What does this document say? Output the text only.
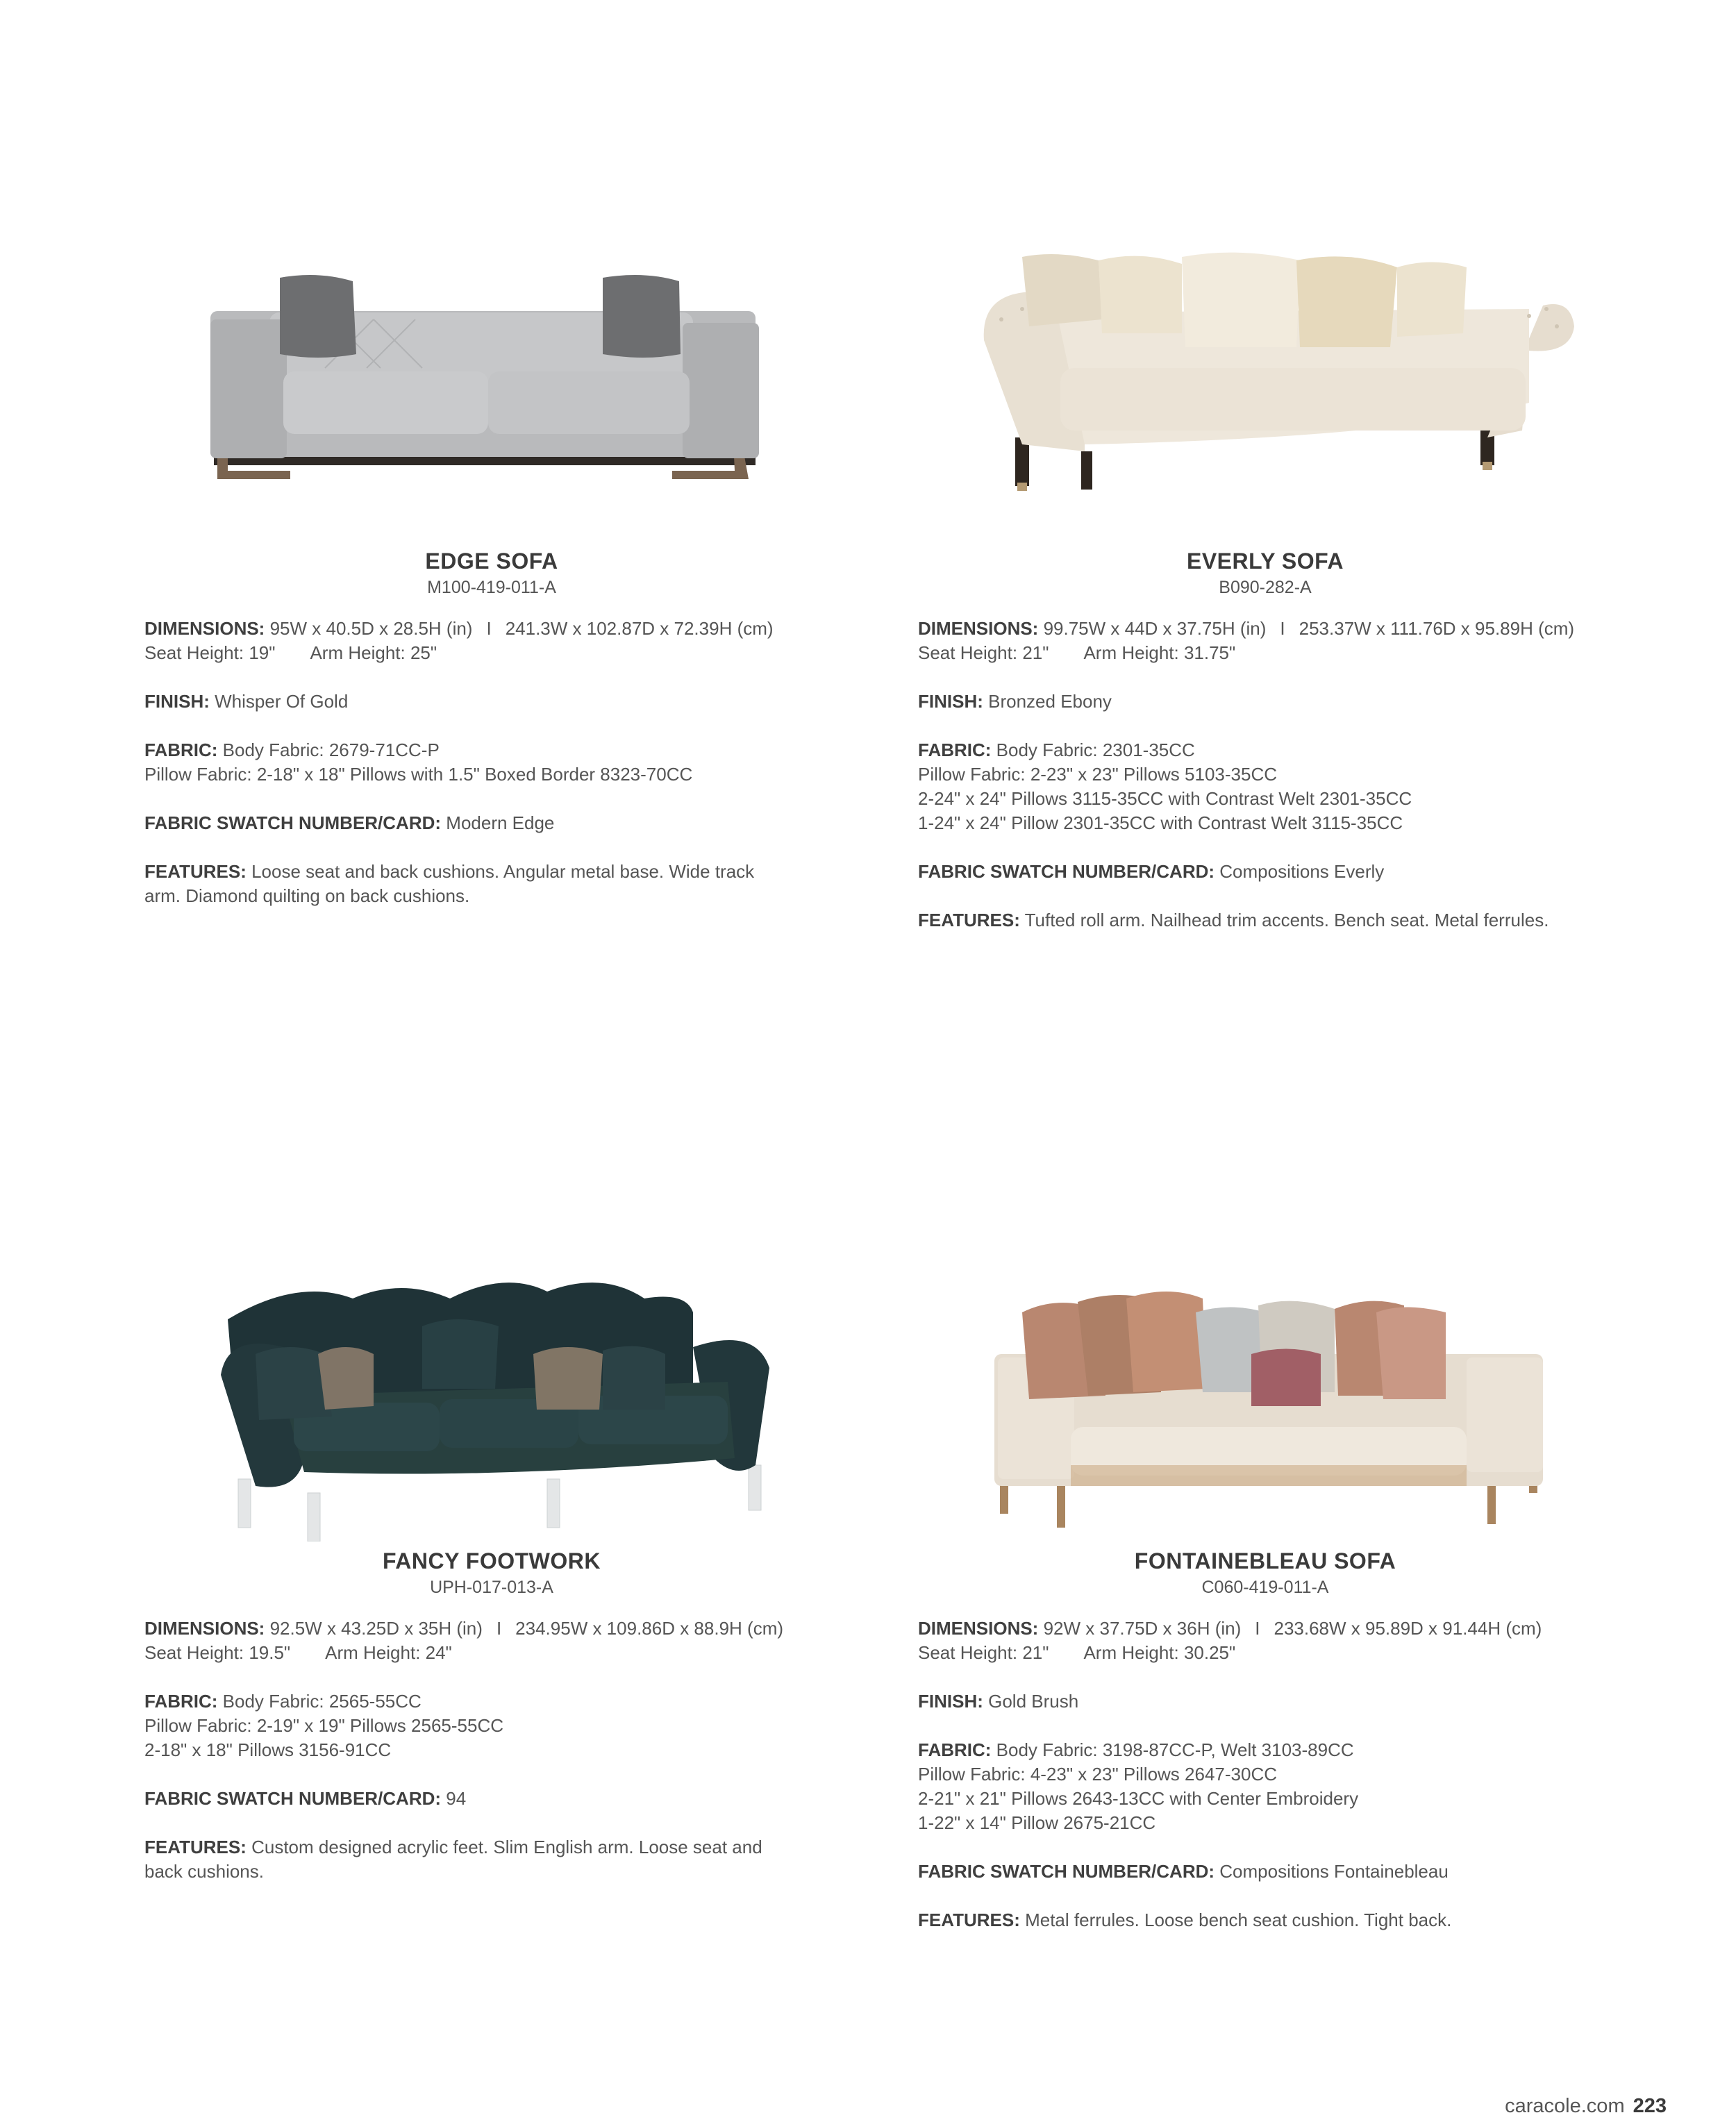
EDGE SOFA
M100-419-011-A
DIMENSIONS: 95W x 40.5D x 28.5H (in) I 241.3W x 102.87D x 72.39H (cm)
Seat Height: 19" Arm Height: 25"
FINISH: Whisper Of Gold
FABRIC: Body Fabric: 2679-71CC-P
Pillow Fabric: 2-18" x 18" Pillows with 1.5" Boxed Border 8323-70CC
FABRIC SWATCH NUMBER/CARD: Modern Edge
FEATURES: Loose seat and back cushions. Angular metal base. Wide track
arm. Diamond quilting on back cushions.
EVERLY SOFA
B090-282-A
DIMENSIONS: 99.75W x 44D x 37.75H (in) I 253.37W x 111.76D x 95.89H (cm)
Seat Height: 21" Arm Height: 31.75"
FINISH: Bronzed Ebony
FABRIC: Body Fabric: 2301-35CC
Pillow Fabric: 2-23" x 23" Pillows 5103-35CC
2-24" x 24" Pillows 3115-35CC with Contrast Welt 2301-35CC
1-24" x 24" Pillow 2301-35CC with Contrast Welt 3115-35CC
FABRIC SWATCH NUMBER/CARD: Compositions Everly
FEATURES: Tufted roll arm. Nailhead trim accents. Bench seat. Metal ferrules.
FANCY FOOTWORK
UPH-017-013-A
DIMENSIONS: 92.5W x 43.25D x 35H (in) I 234.95W x 109.86D x 88.9H (cm)
Seat Height: 19.5" Arm Height: 24"
FABRIC: Body Fabric: 2565-55CC
Pillow Fabric: 2-19" x 19" Pillows 2565-55CC
2-18" x 18" Pillows 3156-91CC
FABRIC SWATCH NUMBER/CARD: 94
FEATURES: Custom designed acrylic feet. Slim English arm. Loose seat and
back cushions.
FONTAINEBLEAU SOFA
C060-419-011-A
DIMENSIONS: 92W x 37.75D x 36H (in) I 233.68W x 95.89D x 91.44H (cm)
Seat Height: 21" Arm Height: 30.25"
FINISH: Gold Brush
FABRIC: Body Fabric: 3198-87CC-P, Welt 3103-89CC
Pillow Fabric: 4-23" x 23" Pillows 2647-30CC
2-21" x 21" Pillows 2643-13CC with Center Embroidery
1-22" x 14" Pillow 2675-21CC
FABRIC SWATCH NUMBER/CARD: Compositions Fontainebleau
FEATURES: Metal ferrules. Loose bench seat cushion. Tight back.
caracole.com 223
